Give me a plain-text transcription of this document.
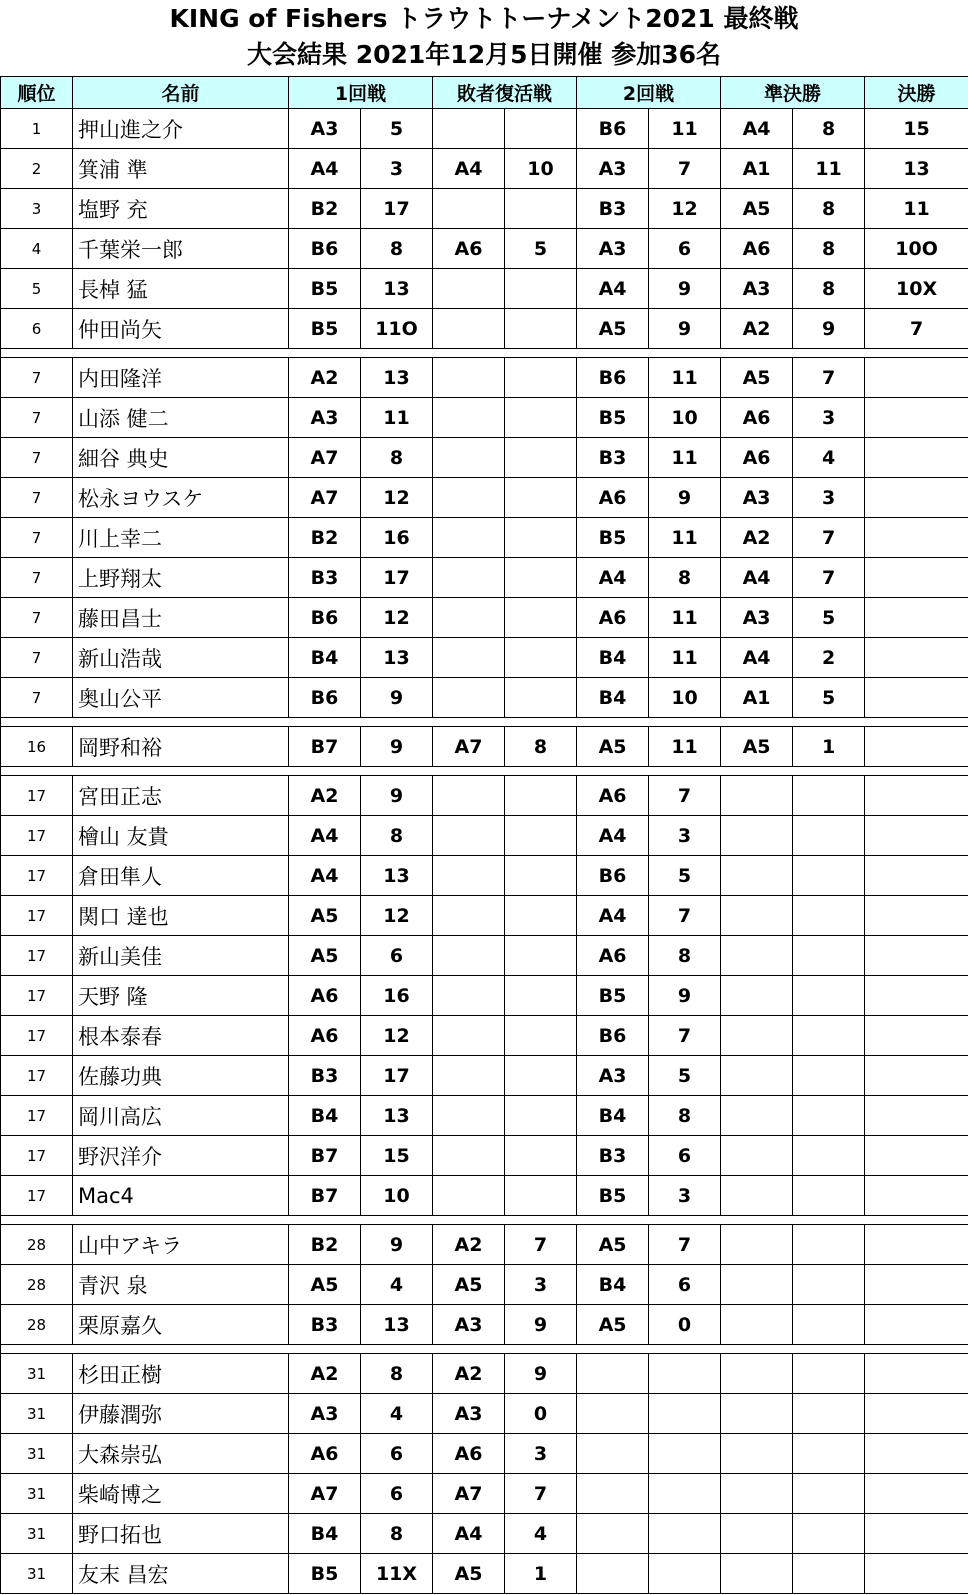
KING of Fishers トラウトトーナメント2021 最終戦
大会結果 2021年12月5日開催 参加36名
順位	名前	1回戦		敗者復活戦		2回戦		準決勝		決勝
1	押山進之介	A3	5			B6	11	A4	8	15
2	箕浦 準	A4	3	A4	10	A3	7	A1	11	13
3	塩野 充	B2	17			B3	12	A5	8	11
4	千葉栄一郎	B6	8	A6	5	A3	6	A6	8	10O
5	長棹 猛	B5	13			A4	9	A3	8	10X
6	仲田尚矢	B5	11O			A5	9	A2	9	7

7	内田隆洋	A2	13			B6	11	A5	7	
7	山添 健二	A3	11			B5	10	A6	3	
7	細谷 典史	A7	8			B3	11	A6	4	
7	松永ヨウスケ	A7	12			A6	9	A3	3	
7	川上幸二	B2	16			B5	11	A2	7	
7	上野翔太	B3	17			A4	8	A4	7	
7	藤田昌士	B6	12			A6	11	A3	5	
7	新山浩哉	B4	13			B4	11	A4	2	
7	奥山公平	B6	9			B4	10	A1	5	

16	岡野和裕	B7	9	A7	8	A5	11	A5	1	

17	宮田正志	A2	9			A6	7			
17	檜山 友貴	A4	8			A4	3			
17	倉田隼人	A4	13			B6	5			
17	関口 達也	A5	12			A4	7			
17	新山美佳	A5	6			A6	8			
17	天野 隆	A6	16			B5	9			
17	根本泰春	A6	12			B6	7			
17	佐藤功典	B3	17			A3	5			
17	岡川高広	B4	13			B4	8			
17	野沢洋介	B7	15			B3	6			
17	Mac4	B7	10			B5	3			

28	山中アキラ	B2	9	A2	7	A5	7			
28	青沢 泉	A5	4	A5	3	B4	6			
28	栗原嘉久	B3	13	A3	9	A5	0			

31	杉田正樹	A2	8	A2	9					
31	伊藤潤弥	A3	4	A3	0					
31	大森崇弘	A6	6	A6	3					
31	柴崎博之	A7	6	A7	7					
31	野口拓也	B4	8	A4	4					
31	友末 昌宏	B5	11X	A5	1					
